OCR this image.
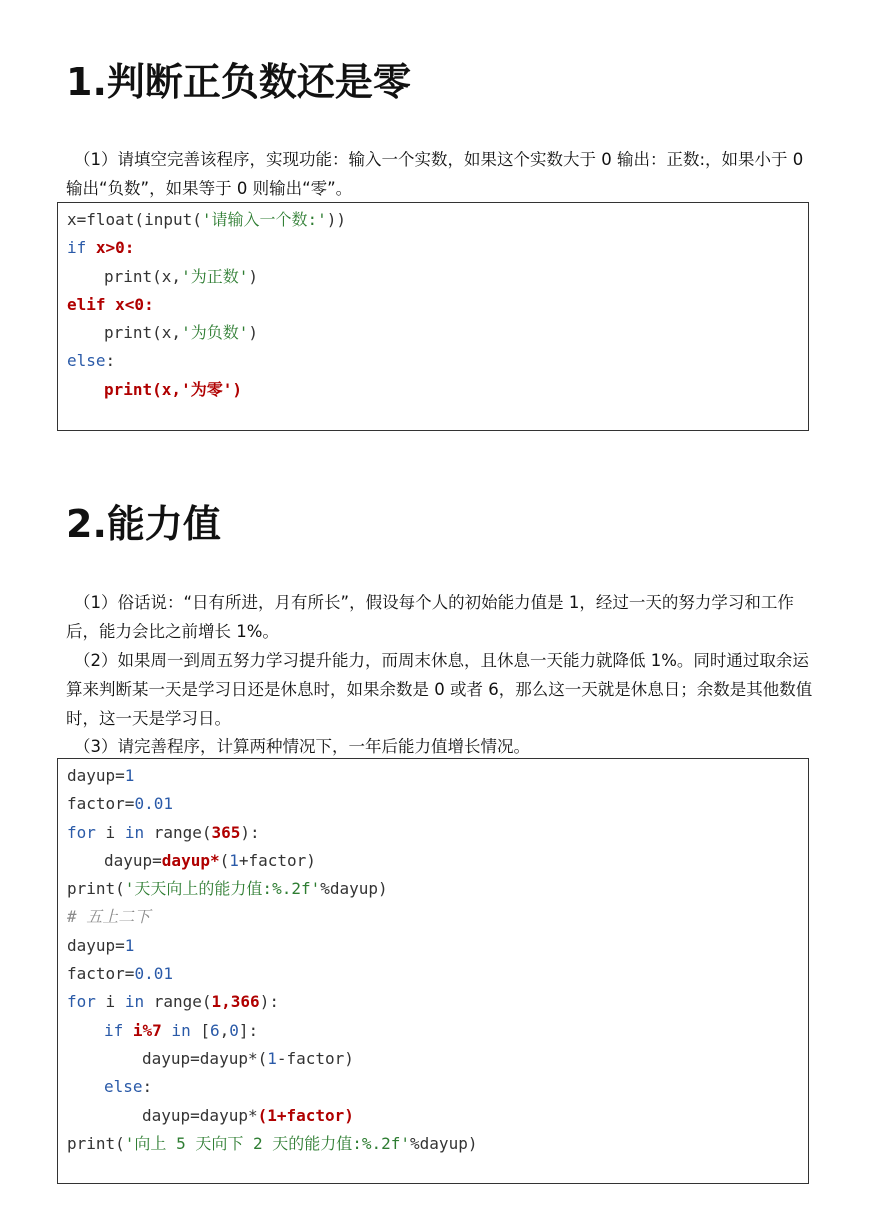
1.判断正负数还是零

（1）请填空完善该程序，实现功能：输入一个实数，如果这个实数大于 0 输出：正数:，如果小于 0 输出“负数”，如果等于 0 则输出“零”。

x=float(input('请输入一个数:'))
if x>0:
print(x,'为正数')
elif x<0:
print(x,'为负数')
else:
print(x,'为零')
2.能力值

（1）俗话说：“日有所进，月有所长”，假设每个人的初始能力值是 1，经过一天的努力学习和工作后，能力会比之前增长 1%。

（2）如果周一到周五努力学习提升能力，而周末休息，且休息一天能力就降低 1%。同时通过取余运算来判断某一天是学习日还是休息时，如果余数是 0 或者 6，那么这一天就是休息日；余数是其他数值时，这一天是学习日。

（3）请完善程序，计算两种情况下，一年后能力值增长情况。

dayup=1
factor=0.01
for i in range(365):
dayup=dayup*(1+factor)
print('天天向上的能力值:%.2f'%dayup)
# 五上二下
dayup=1
factor=0.01
for i in range(1,366):
if i%7 in [6,0]:
dayup=dayup*(1-factor)
else:
dayup=dayup*(1+factor)
print('向上 5 天向下 2 天的能力值:%.2f'%dayup)
